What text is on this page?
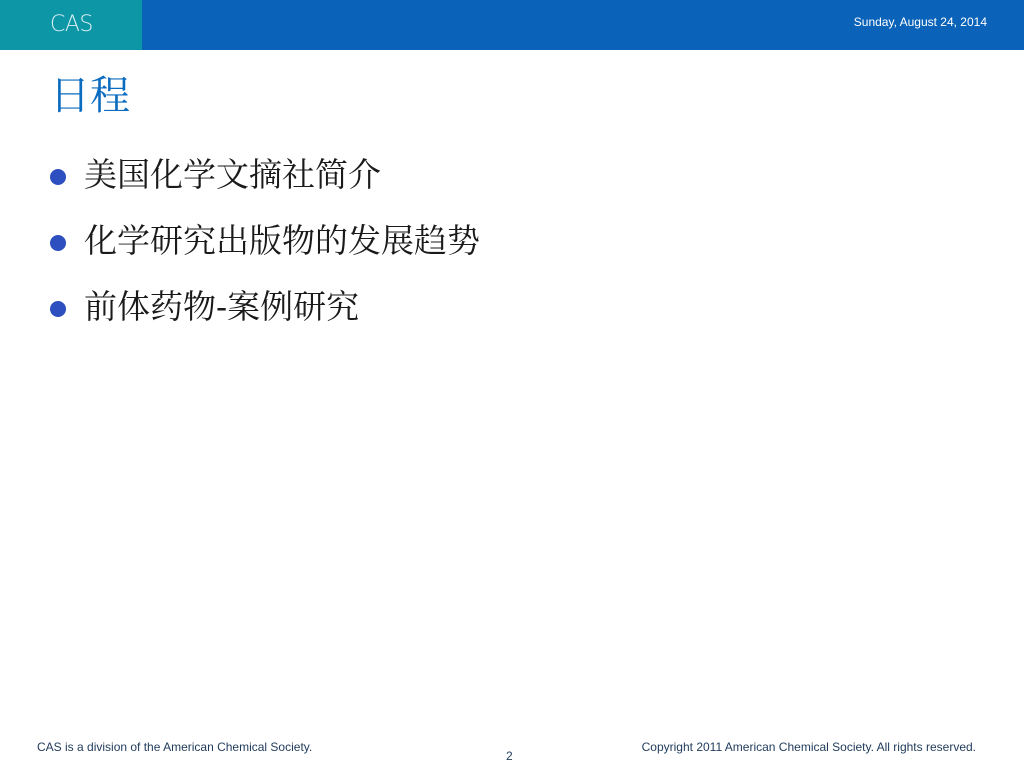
CAS	Sunday, August 24, 2014
日程
美国化学文摘社简介
化学研究出版物的发展趋势
前体药物-案例研究
CAS is a division of the American Chemical Society.
2
Copyright 2011 American Chemical Society. All rights reserved.
